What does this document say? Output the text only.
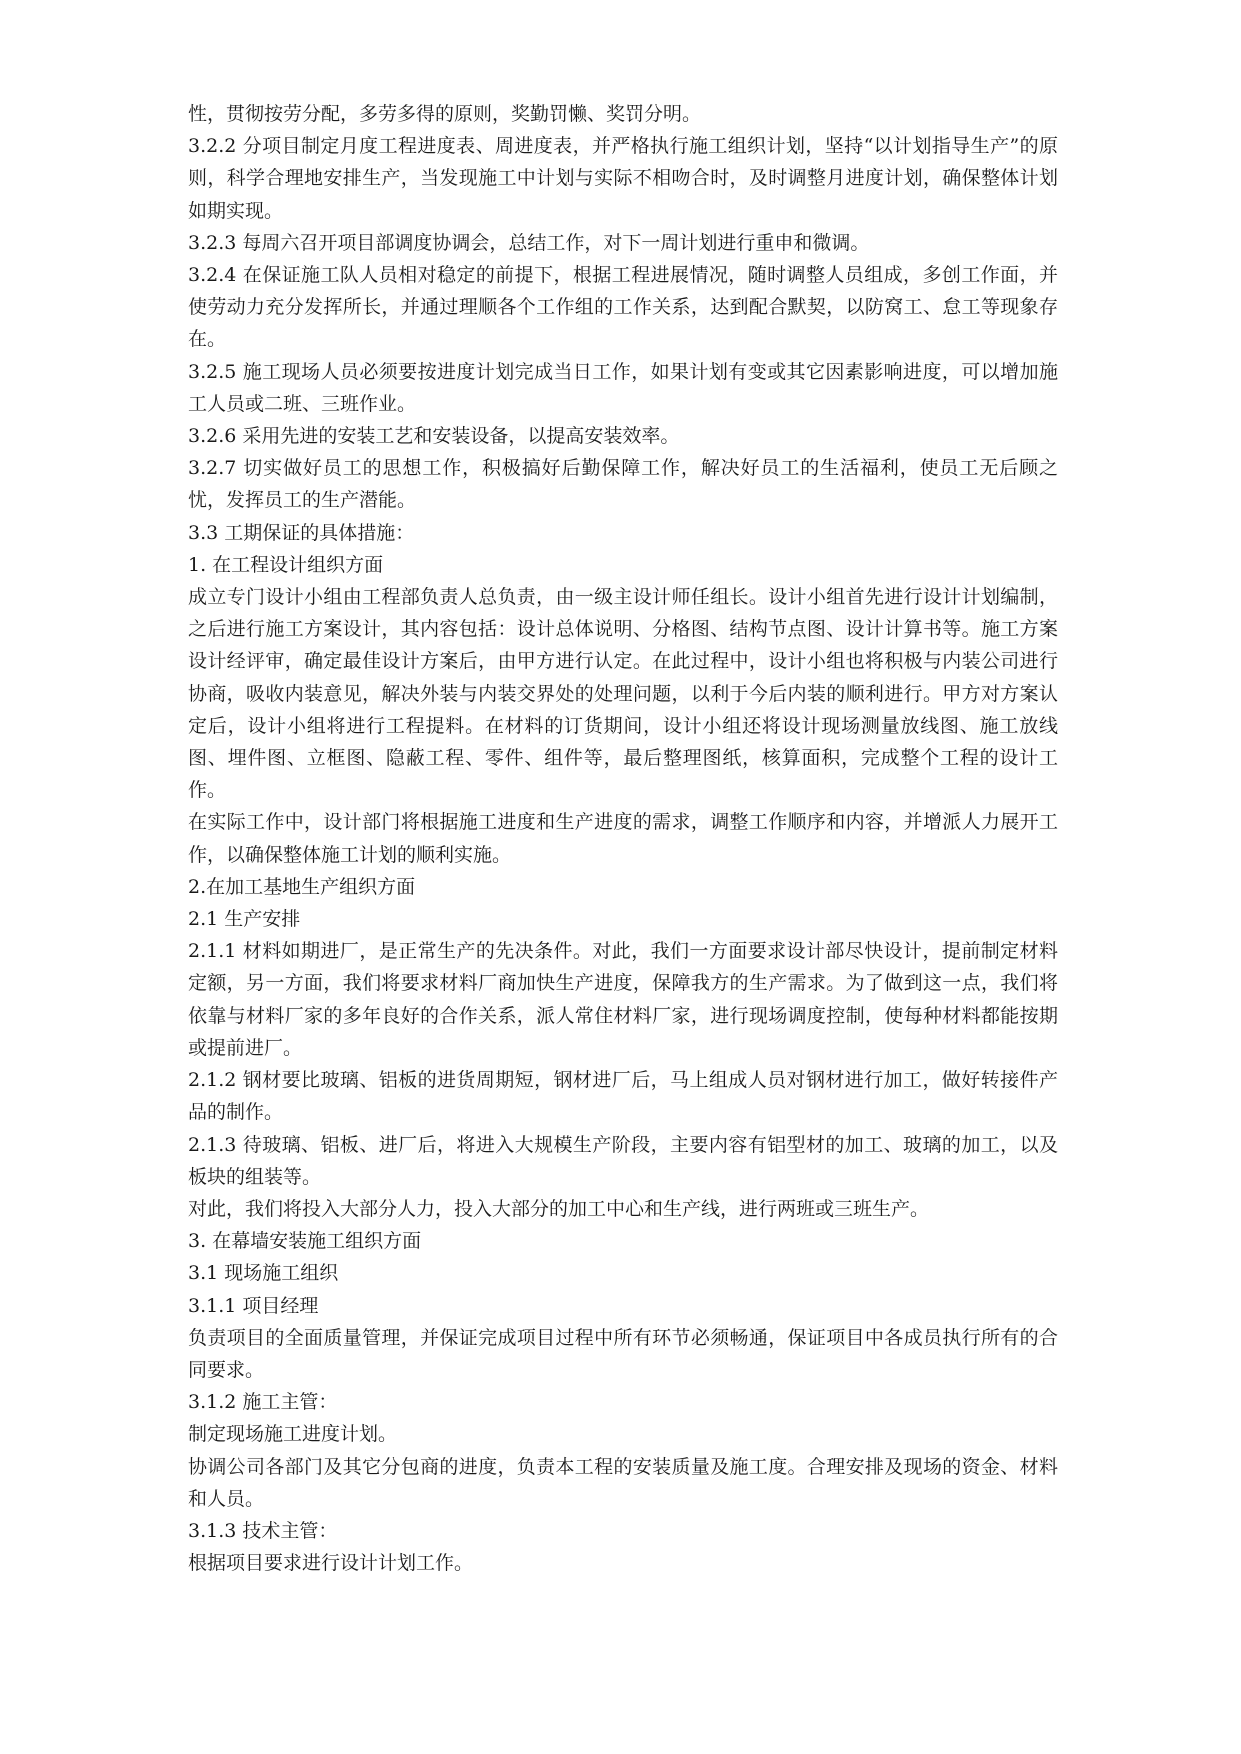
性，贯彻按劳分配，多劳多得的原则，奖勤罚懒、奖罚分明。

3.2.2 分项目制定月度工程进度表、周进度表，并严格执行施工组织计划，坚持“以计划指导生产”的原则，科学合理地安排生产，当发现施工中计划与实际不相吻合时，及时调整月进度计划，确保整体计划如期实现。

3.2.3 每周六召开项目部调度协调会，总结工作，对下一周计划进行重申和微调。

3.2.4 在保证施工队人员相对稳定的前提下，根据工程进展情况，随时调整人员组成，多创工作面，并使劳动力充分发挥所长，并通过理顺各个工作组的工作关系，达到配合默契，以防窝工、怠工等现象存在。

3.2.5 施工现场人员必须要按进度计划完成当日工作，如果计划有变或其它因素影响进度，可以增加施工人员或二班、三班作业。

3.2.6 采用先进的安装工艺和安装设备，以提高安装效率。

3.2.7 切实做好员工的思想工作，积极搞好后勤保障工作，解决好员工的生活福利，使员工无后顾之忧，发挥员工的生产潜能。

3.3 工期保证的具体措施：

1. 在工程设计组织方面

成立专门设计小组由工程部负责人总负责，由一级主设计师任组长。设计小组首先进行设计计划编制，之后进行施工方案设计，其内容包括：设计总体说明、分格图、结构节点图、设计计算书等。施工方案设计经评审，确定最佳设计方案后，由甲方进行认定。在此过程中，设计小组也将积极与内装公司进行协商，吸收内装意见，解决外装与内装交界处的处理问题，以利于今后内装的顺利进行。甲方对方案认定后，设计小组将进行工程提料。在材料的订货期间，设计小组还将设计现场测量放线图、施工放线图、埋件图、立框图、隐蔽工程、零件、组件等，最后整理图纸，核算面积，完成整个工程的设计工作。

在实际工作中，设计部门将根据施工进度和生产进度的需求，调整工作顺序和内容，并增派人力展开工作，以确保整体施工计划的顺利实施。

2.在加工基地生产组织方面

2.1 生产安排

2.1.1 材料如期进厂，是正常生产的先决条件。对此，我们一方面要求设计部尽快设计，提前制定材料定额，另一方面，我们将要求材料厂商加快生产进度，保障我方的生产需求。为了做到这一点，我们将依靠与材料厂家的多年良好的合作关系，派人常住材料厂家，进行现场调度控制，使每种材料都能按期或提前进厂。

2.1.2 钢材要比玻璃、铝板的进货周期短，钢材进厂后，马上组成人员对钢材进行加工，做好转接件产品的制作。

2.1.3 待玻璃、铝板、进厂后，将进入大规模生产阶段，主要内容有铝型材的加工、玻璃的加工，以及板块的组装等。

对此，我们将投入大部分人力，投入大部分的加工中心和生产线，进行两班或三班生产。

3. 在幕墙安装施工组织方面

3.1 现场施工组织

3.1.1 项目经理

负责项目的全面质量管理，并保证完成项目过程中所有环节必须畅通，保证项目中各成员执行所有的合同要求。

3.1.2 施工主管：

制定现场施工进度计划。

协调公司各部门及其它分包商的进度，负责本工程的安装质量及施工度。合理安排及现场的资金、材料和人员。

3.1.3 技术主管：

根据项目要求进行设计计划工作。
